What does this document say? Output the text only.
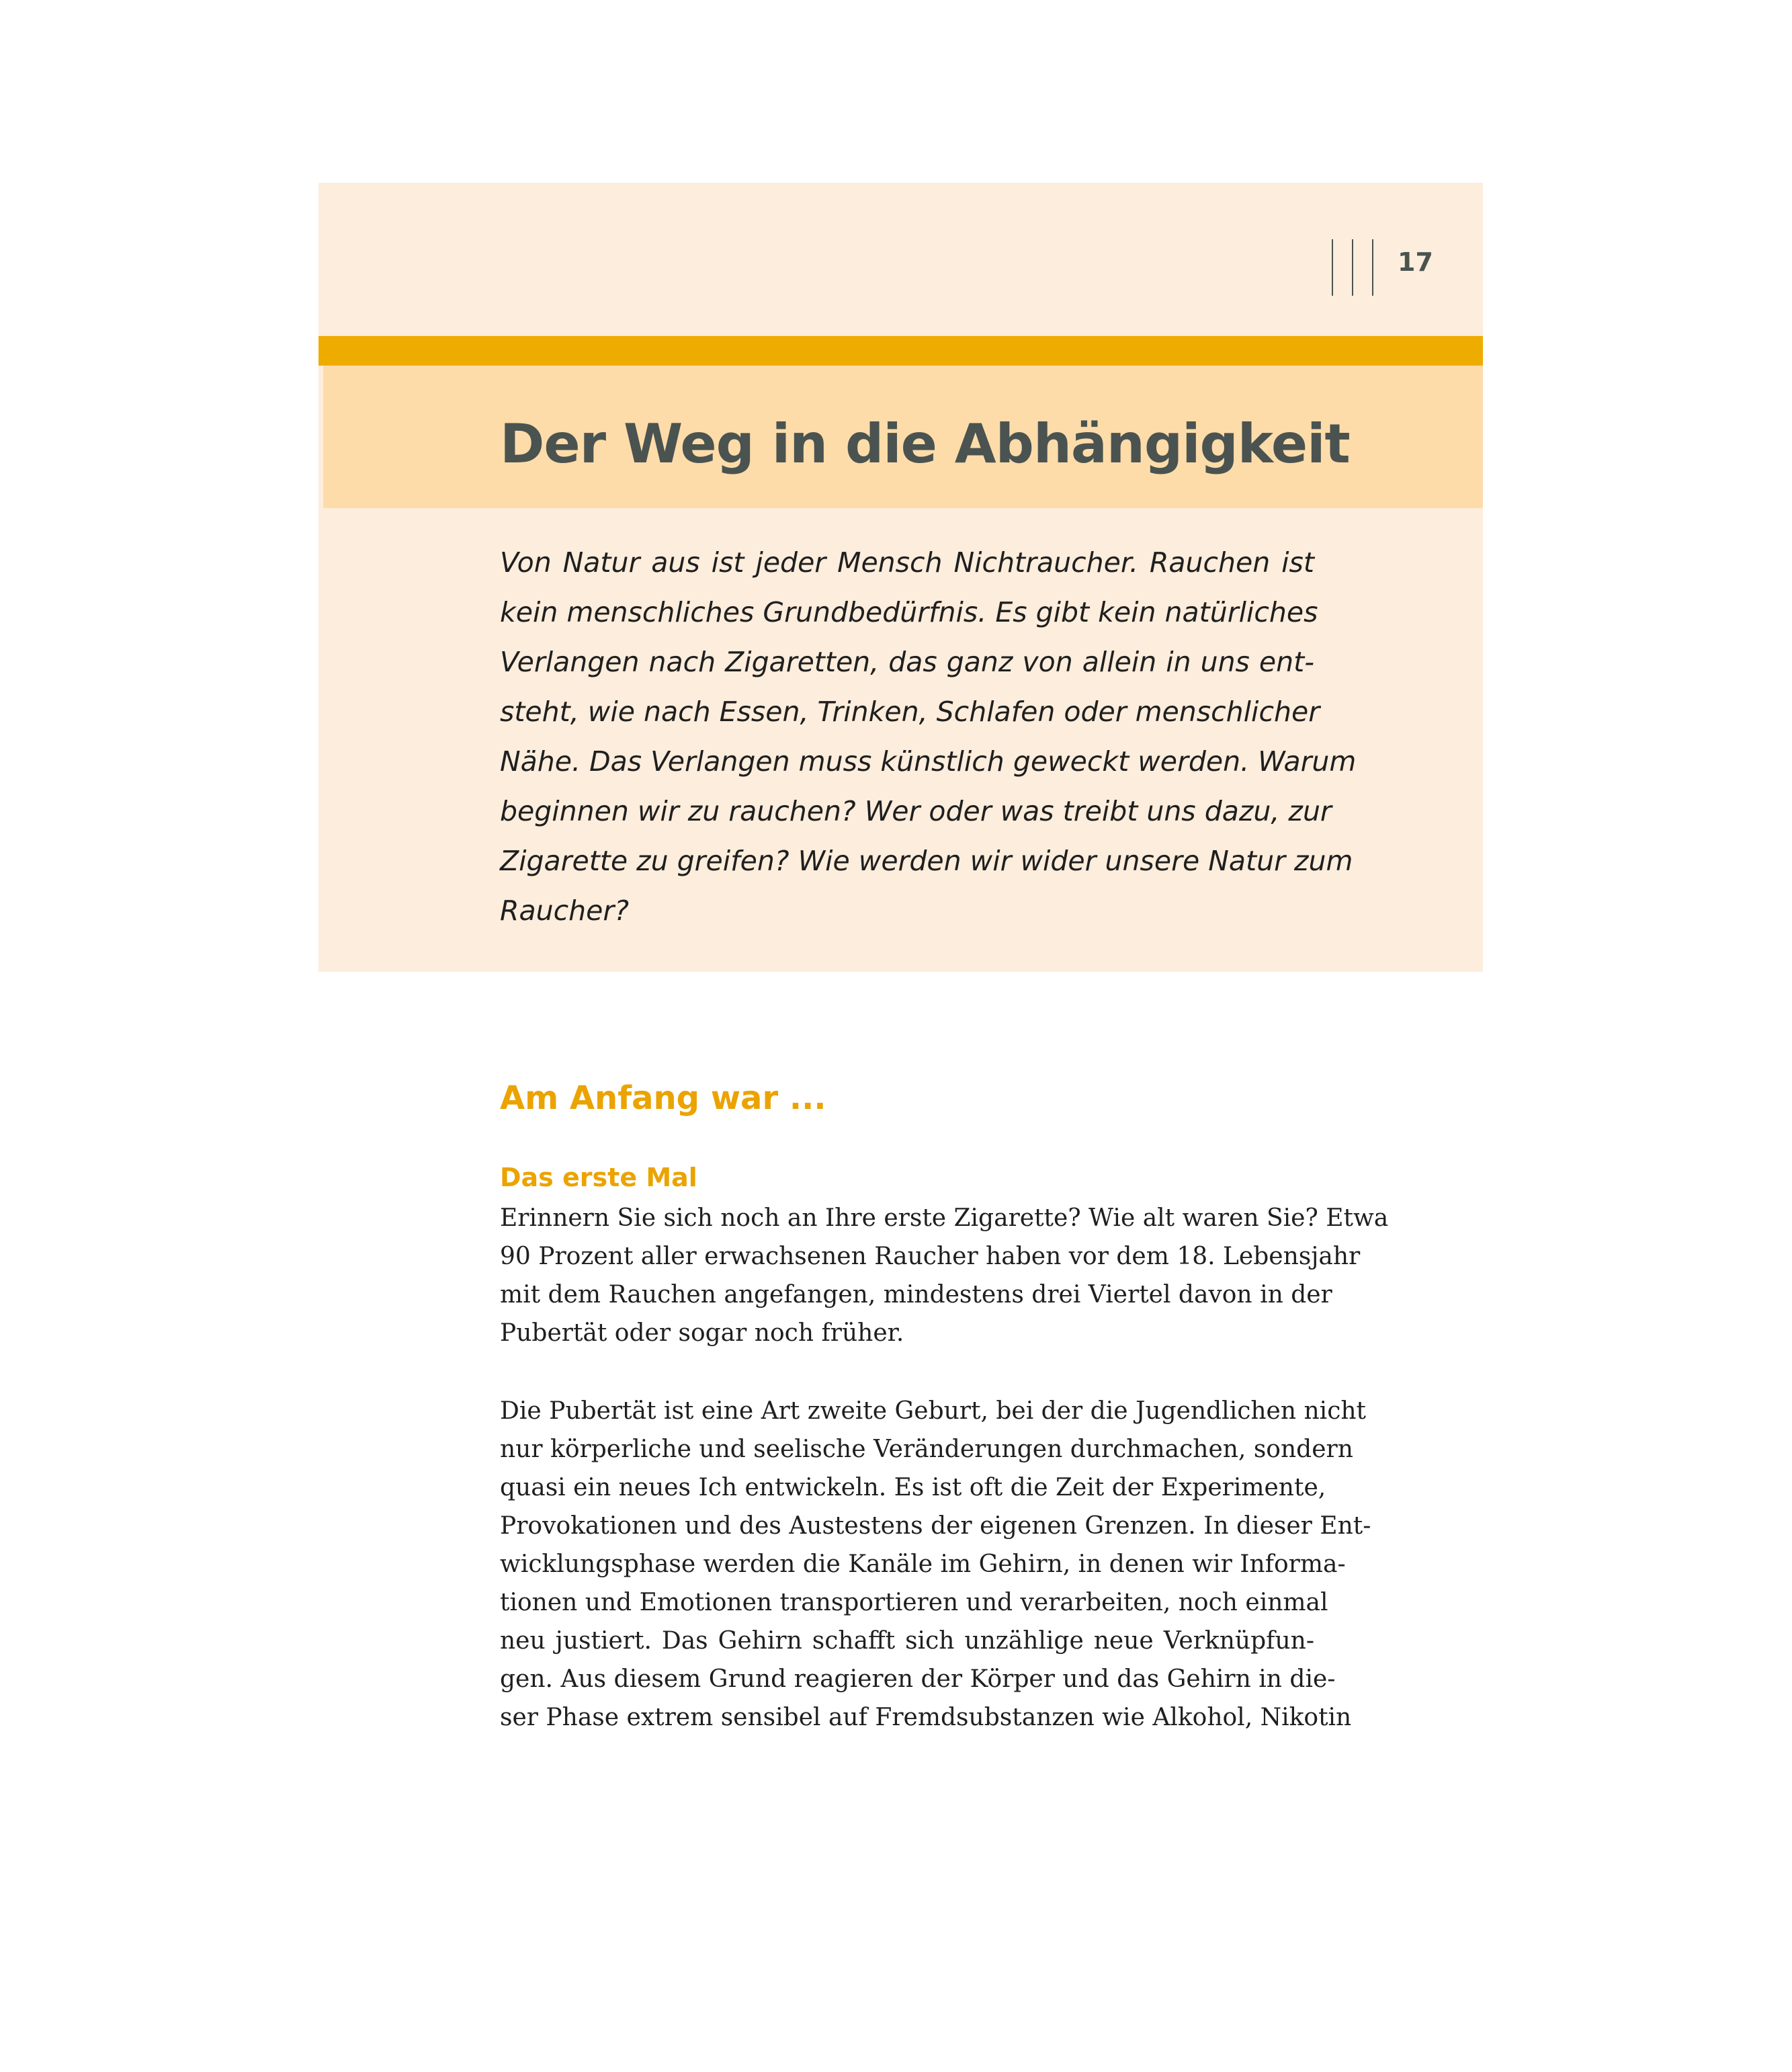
17
Der Weg in die Abhängigkeit
Von Natur aus ist jeder Mensch Nichtraucher. Rauchen ist
kein menschliches Grundbedürfnis. Es gibt kein natürliches
Verlangen nach Zigaretten, das ganz von allein in uns ent-
steht, wie nach Essen, Trinken, Schlafen oder menschlicher
Nähe. Das Verlangen muss künstlich geweckt werden. Warum
beginnen wir zu rauchen? Wer oder was treibt uns dazu, zur
Zigarette zu greifen? Wie werden wir wider unsere Natur zum
Raucher?
Am Anfang war ...
Das erste Mal
Erinnern Sie sich noch an Ihre erste Zigarette? Wie alt waren Sie? Etwa
90 Prozent aller erwachsenen Raucher haben vor dem 18. Lebensjahr
mit dem Rauchen angefangen, mindestens drei Viertel davon in der
Pubertät oder sogar noch früher.
Die Pubertät ist eine Art zweite Geburt, bei der die Jugendlichen nicht
nur körperliche und seelische Veränderungen durchmachen, sondern
quasi ein neues Ich entwickeln. Es ist oft die Zeit der Experimente,
Provokationen und des Austestens der eigenen Grenzen. In dieser Ent-
wicklungsphase werden die Kanäle im Gehirn, in denen wir Informa-
tionen und Emotionen transportieren und verarbeiten, noch einmal
neu justiert. Das Gehirn schafft sich unzählige neue Verknüpfun-
gen. Aus diesem Grund reagieren der Körper und das Gehirn in die-
ser Phase extrem sensibel auf Fremdsubstanzen wie Alkohol, Nikotin
